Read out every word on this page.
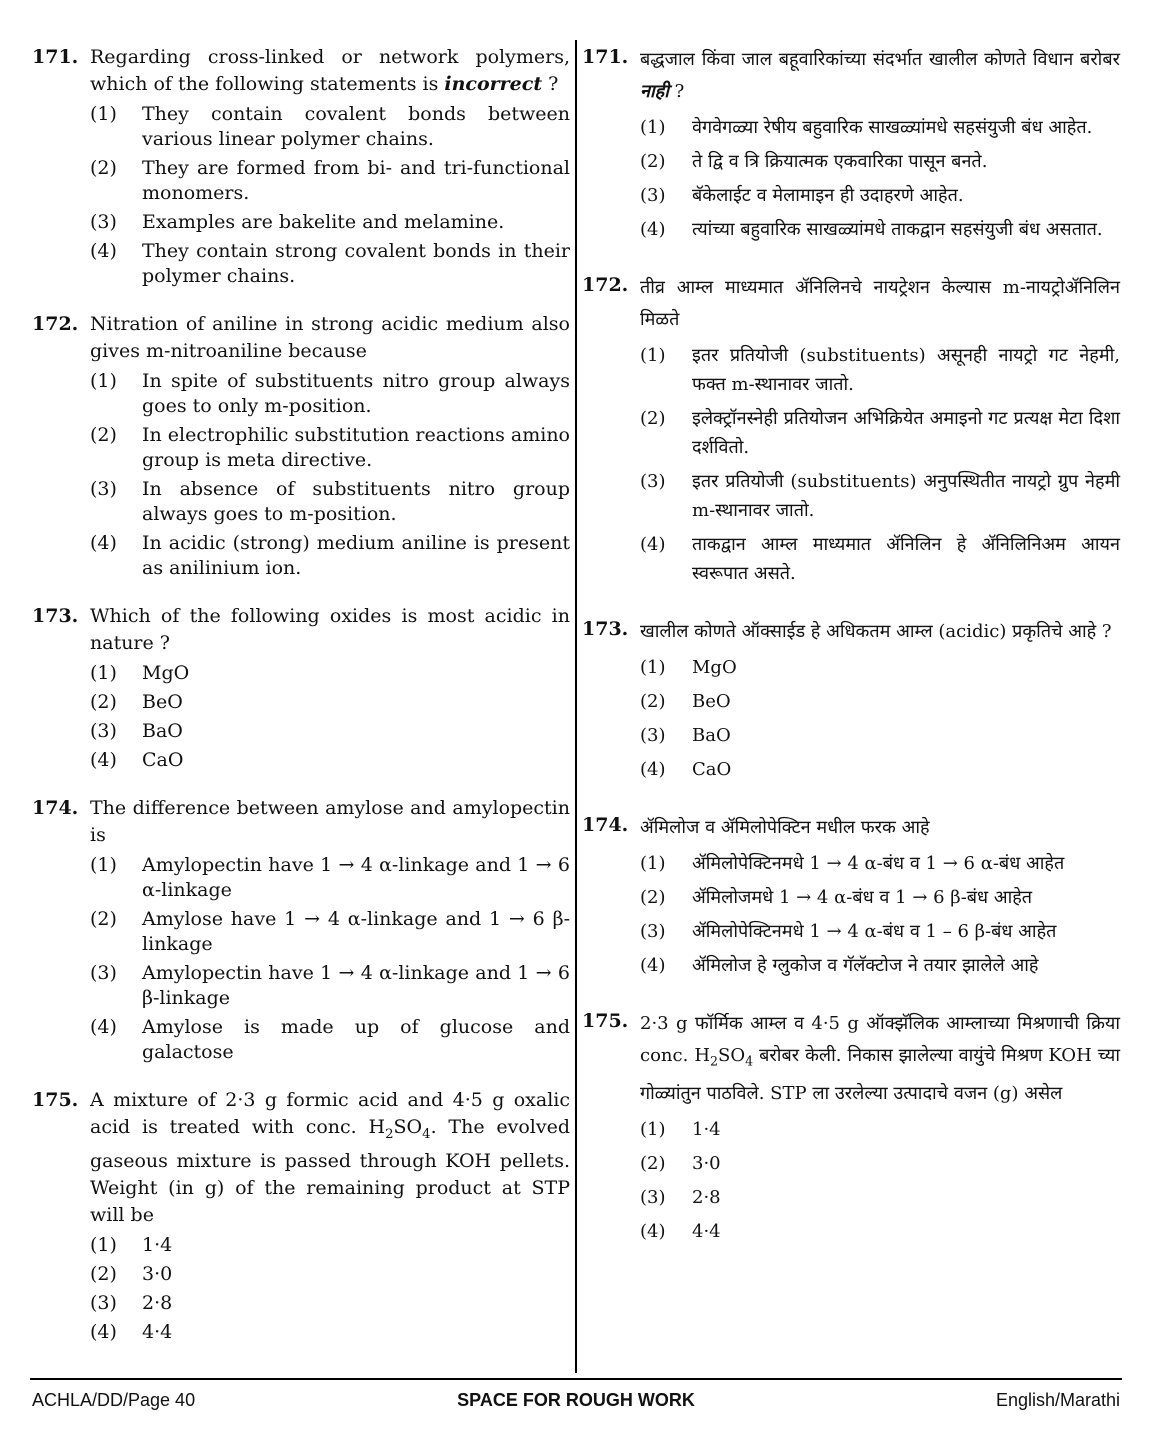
171. Regarding cross-linked or network polymers, which of the following statements is incorrect ?
(1)	They contain covalent bonds between various linear polymer chains.
(2)	They are formed from bi- and tri-functional monomers.
(3)	Examples are bakelite and melamine.
(4)	They contain strong covalent bonds in their polymer chains.
172. Nitration of aniline in strong acidic medium also gives m-nitroaniline because
(1)	In spite of substituents nitro group always goes to only m-position.
(2)	In electrophilic substitution reactions amino group is meta directive.
(3)	In absence of substituents nitro group always goes to m-position.
(4)	In acidic (strong) medium aniline is present as anilinium ion.
173. Which of the following oxides is most acidic in nature ?
(1)	MgO
(2)	BeO
(3)	BaO
(4)	CaO
174. The difference between amylose and amylopectin is
(1)	Amylopectin have 1 → 4 α-linkage and 1 → 6 α-linkage
(2)	Amylose have 1 → 4 α-linkage and 1 → 6 β-linkage
(3)	Amylopectin have 1 → 4 α-linkage and 1 → 6 β-linkage
(4)	Amylose is made up of glucose and galactose
175. A mixture of 2·3 g formic acid and 4·5 g oxalic acid is treated with conc. $H_2SO_4$. The evolved gaseous mixture is passed through KOH pellets. Weight (in g) of the remaining product at STP will be
(1)	1·4
(2)	3·0
(3)	2·8
(4)	4·4
171. बद्धजाल किंवा जाल बहूवारिकांच्या संदर्भात खालील कोणते विधान बरोबर नाही ?
(1)	वेगवेगळ्या रेषीय बहुवारिक साखळ्यांमधे सहसंयुजी बंध आहेत.
(2)	ते द्वि व त्रि क्रियात्मक एकवारिका पासून बनते.
(3)	बॅकेलाईट व मेलामाइन ही उदाहरणे आहेत.
(4)	त्यांच्या बहुवारिक साखळ्यांमधे ताकद्वान सहसंयुजी बंध असतात.
172. तीव्र आम्ल माध्यमात ॲनिलिनचे नायट्रेशन केल्यास m-नायट्रोॲनिलिन मिळते
(1)	इतर प्रतियोजी (substituents) असूनही नायट्रो गट नेहमी, फक्त m-स्थानावर जातो.
(2)	इलेक्ट्रॉनस्नेही प्रतियोजन अभिक्रियेत अमाइनो गट प्रत्यक्ष मेटा दिशा दर्शवितो.
(3)	इतर प्रतियोजी (substituents) अनुपस्थितीत नायट्रो ग्रुप नेहमी m-स्थानावर जातो.
(4)	ताकद्वान आम्ल माध्यमात ॲनिलिन हे ॲनिलिनिअम आयन स्वरूपात असते.
173. खालील कोणते ऑक्साईड हे अधिकतम आम्ल (acidic) प्रकृतिचे आहे ?
(1)	MgO
(2)	BeO
(3)	BaO
(4)	CaO
174. ॲमिलोज व ॲमिलोपेक्टिन मधील फरक आहे
(1)	ॲमिलोपेक्टिनमधे 1 → 4 α-बंध व 1 → 6 α-बंध आहेत
(2)	ॲमिलोजमधे 1 → 4 α-बंध व 1 → 6 β-बंध आहेत
(3)	ॲमिलोपेक्टिनमधे 1 → 4 α-बंध व 1 – 6 β-बंध आहेत
(4)	ॲमिलोज हे ग्लुकोज व गॅलॅक्टोज ने तयार झालेले आहे
175. 2·3 g फॉर्मिक आम्ल व 4·5 g ऑक्झॅलिक आम्लाच्या मिश्रणाची क्रिया conc. $H_2SO_4$ बरोबर केली. निकास झालेल्या वायुंचे मिश्रण KOH च्या गोळ्यांतुन पाठविले. STP ला उरलेल्या उत्पादाचे वजन (g) असेल
(1)	1·4
(2)	3·0
(3)	2·8
(4)	4·4
ACHLA/DD/Page 40	SPACE FOR ROUGH WORK	English/Marathi
